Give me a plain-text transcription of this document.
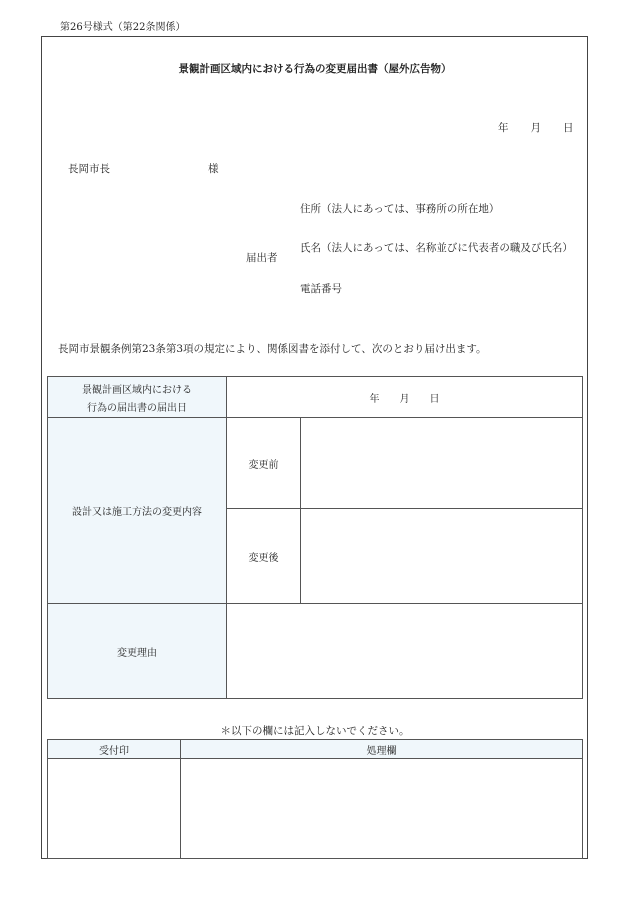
第26号様式（第22条関係）
景観計画区域内における行為の変更届出書（屋外広告物）
年 月 日
長岡市長	様
届出者
住所（法人にあっては、事務所の所在地）
氏名（法人にあっては、名称並びに代表者の職及び氏名）
電話番号
長岡市景観条例第23条第3項の規定により、関係図書を添付して、次のとおり届け出ます。
景観計画区域内における
行為の届出書の届出日	年　　月　　日	
設計又は施工方法の変更内容	変更前	
	変更後	
変更理由		
＊以下の欄には記入しないでください。
受付印	処理欄
